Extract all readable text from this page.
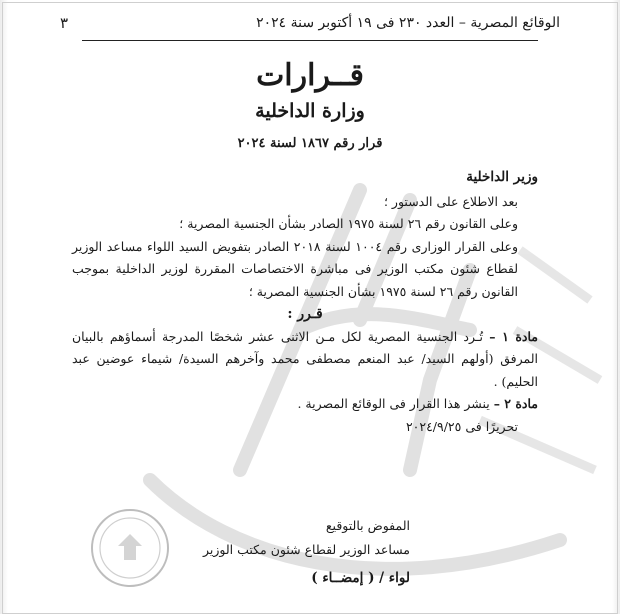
الوقائع المصرية – العدد ٢٣٠ فى ١٩ أكتوبر سنة ٢٠٢٤
٣
قــرارات
وزارة الداخلية
قرار رقم ١٨٦٧ لسنة ٢٠٢٤

وزير الداخلية

بعد الاطلاع على الدستور ؛

وعلى القانون رقم ٢٦ لسنة ١٩٧٥ الصادر بشأن الجنسية المصرية ؛

وعلى القرار الوزارى رقم ١٠٠٤ لسنة ٢٠١٨ الصادر بتفويض السيد اللواء مساعد الوزير لقطاع شئون مكتب الوزير فى مباشرة الاختصاصات المقررة لوزير الداخلية بموجب القانون رقم ٢٦ لسنة ١٩٧٥ بشأن الجنسية المصرية ؛

قـرر :

مادة ١ – تُـرد الجنسية المصرية لكل مـن الاثنى عشر شخصًا المدرجة أسماؤهم بالبيان المرفق (أولهم السيد/ عبد المنعم مصطفى محمد وآخرهم السيدة/ شيماء عوضين عبد الحليم) .

مادة ٢ – ينشر هذا القرار فى الوقائع المصرية .

تحريرًا فى ٢٠٢٤/٩/٢٥

المفوض بالتوقيع

مساعد الوزير لقطاع شئون مكتب الوزير

لواء / ( إمضــاء )
